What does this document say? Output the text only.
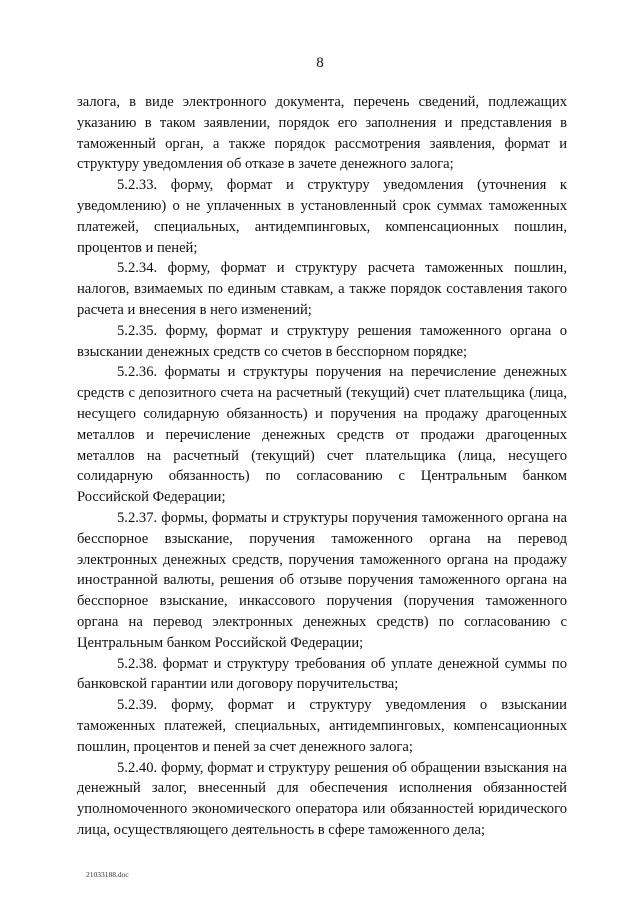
8

залога, в виде электронного документа, перечень сведений, подлежащих указанию в таком заявлении, порядок его заполнения и представления в таможенный орган, а также порядок рассмотрения заявления, формат и структуру уведомления об отказе в зачете денежного залога;

5.2.33. форму, формат и структуру уведомления (уточнения к уведомлению) о не уплаченных в установленный срок суммах таможенных платежей, специальных, антидемпинговых, компенсационных пошлин, процентов и пеней;

5.2.34. форму, формат и структуру расчета таможенных пошлин, налогов, взимаемых по единым ставкам, а также порядок составления такого расчета и внесения в него изменений;

5.2.35. форму, формат и структуру решения таможенного органа о взыскании денежных средств со счетов в бесспорном порядке;

5.2.36. форматы и структуры поручения на перечисление денежных средств с депозитного счета на расчетный (текущий) счет плательщика (лица, несущего солидарную обязанность) и поручения на продажу драгоценных металлов и перечисление денежных средств от продажи драгоценных металлов на расчетный (текущий) счет плательщика (лица, несущего солидарную обязанность) по согласованию с Центральным банком Российской Федерации;

5.2.37. формы, форматы и структуры поручения таможенного органа на бесспорное взыскание, поручения таможенного органа на перевод электронных денежных средств, поручения таможенного органа на продажу иностранной валюты, решения об отзыве поручения таможенного органа на бесспорное взыскание, инкассового поручения (поручения таможенного органа на перевод электронных денежных средств) по согласованию с Центральным банком Российской Федерации;

5.2.38. формат и структуру требования об уплате денежной суммы по банковской гарантии или договору поручительства;

5.2.39. форму, формат и структуру уведомления о взыскании таможенных платежей, специальных, антидемпинговых, компенсационных пошлин, процентов и пеней за счет денежного залога;

5.2.40. форму, формат и структуру решения об обращении взыскания на денежный залог, внесенный для обеспечения исполнения обязанностей уполномоченного экономического оператора или обязанностей юридического лица, осуществляющего деятельность в сфере таможенного дела;

21033188.doc
